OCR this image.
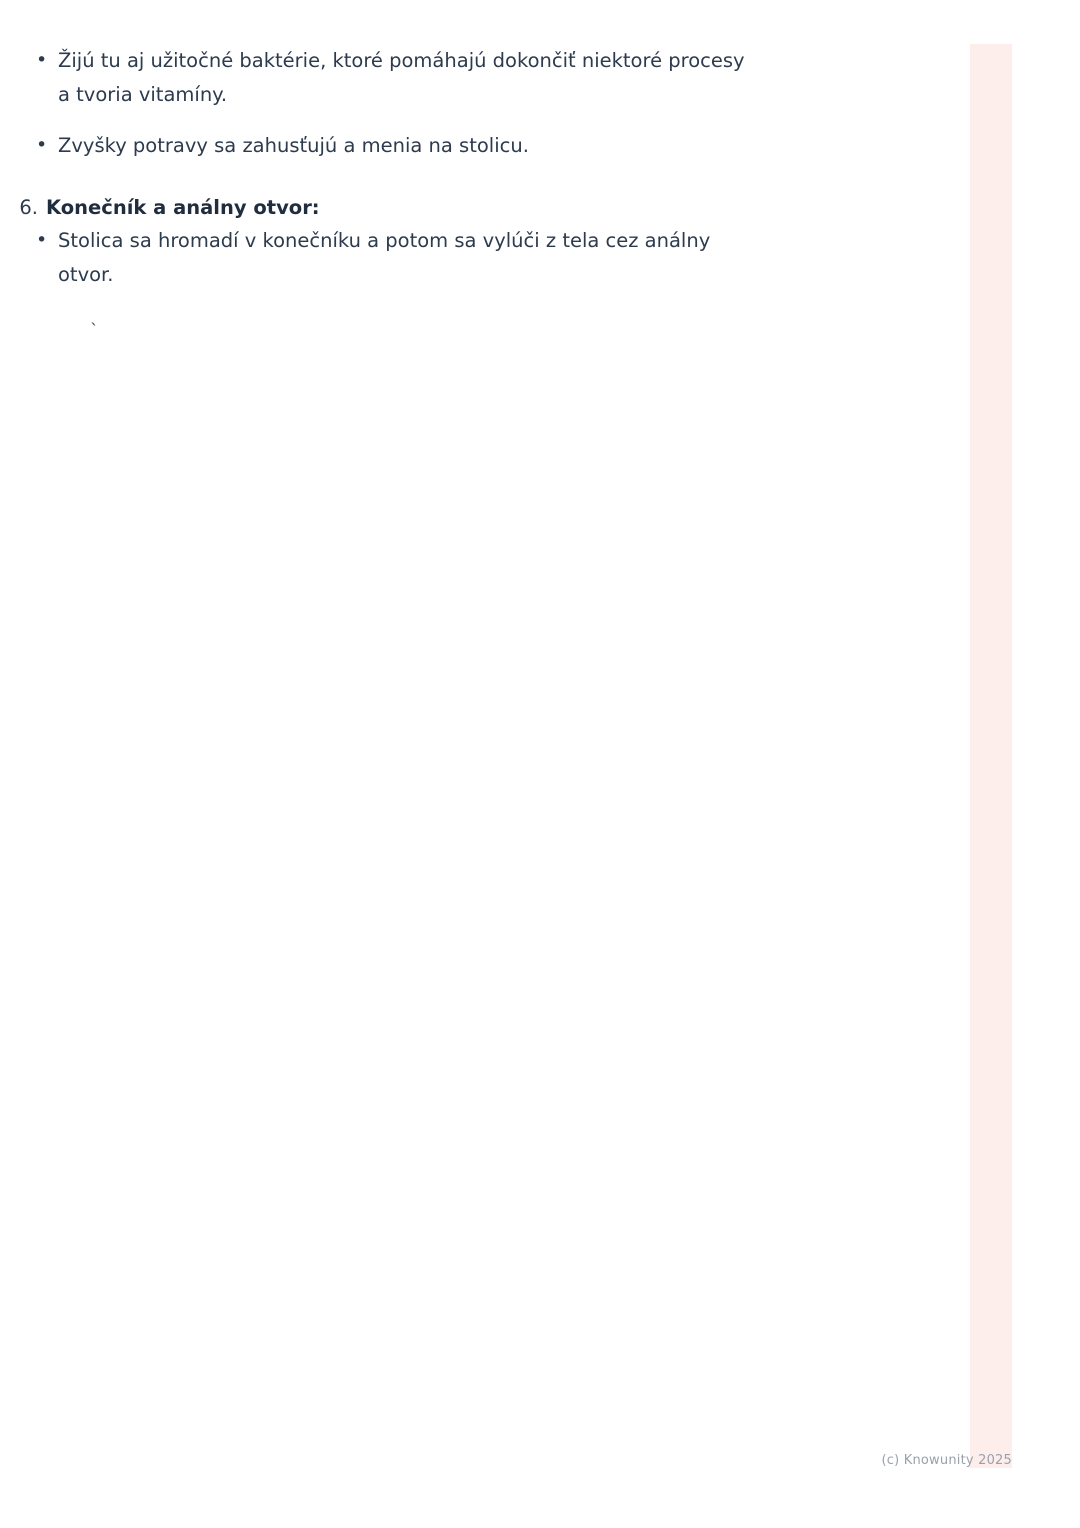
• Žijú tu aj užitočné baktérie, ktoré pomáhajú dokončiť niektoré procesy a tvoria vitamíny.
• Zvyšky potravy sa zahusťujú a menia na stolicu.
6. Konečník a análny otvor:
• Stolica sa hromadí v konečníku a potom sa vylúči z tela cez análny otvor.
`
(c) Knowunity 2025
